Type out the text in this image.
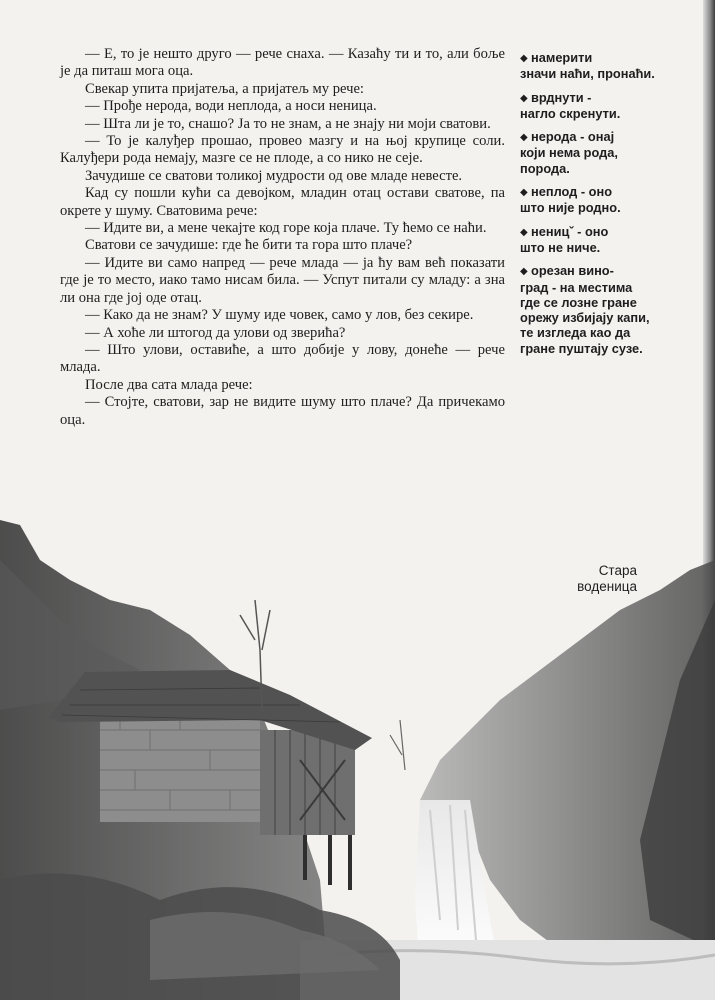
— Е, то је нешто друго — рече снаха. — Казаћу ти и то, али боље је да питаш мога оца.

Свекар упита пријатеља, а пријатељ му рече:

— Прође нерода, води неплода, а носи неница.

— Шта ли је то, снашо? Ја то не знам, а не знају ни моји сватови.

— То је калуђер прошао, провео мазгу и на њој крупице соли. Калуђери рода немају, мазге се не плоде, а со нико не сеје.

Зачудише се сватови толикој мудрости од ове младе невесте.

Кад су пошли кући са девојком, младин отац остави сватове, па окрете у шуму. Сватовима рече:

— Идите ви, а мене чекајте код горе која плаче. Ту ћемо се наћи.

Сватови се зачудише: где ће бити та гора што плаче?

— Идите ви само напред — рече млада — ја ћу вам већ показати где је то место, иако тамо нисам била. — Успут питали су младу: а зна ли она где јој оде отац.

— Како да не знам? У шуму иде човек, само у лов, без секире.

— А хоће ли штогод да улови од зверића?

— Што улови, оставиће, а што добије у лову, донеће — рече млада.

После два сата млада рече:

— Стојте, сватови, зар не видите шуму што плаче? Да причекамо оца.

◆ намерити
значи наћи, пронаћи.
◆ врднути -
нагло скренути.
◆ нерода - онај
који нема рода, порода.
◆ неплод - оно
што није родно.
◆ неницˇ - оно
што не ниче.
◆ орезан вино-
град - на местима где се лозне гране орежу избијају капи, те изгледа као да гране пуштају сузе.
Стара
воденица
